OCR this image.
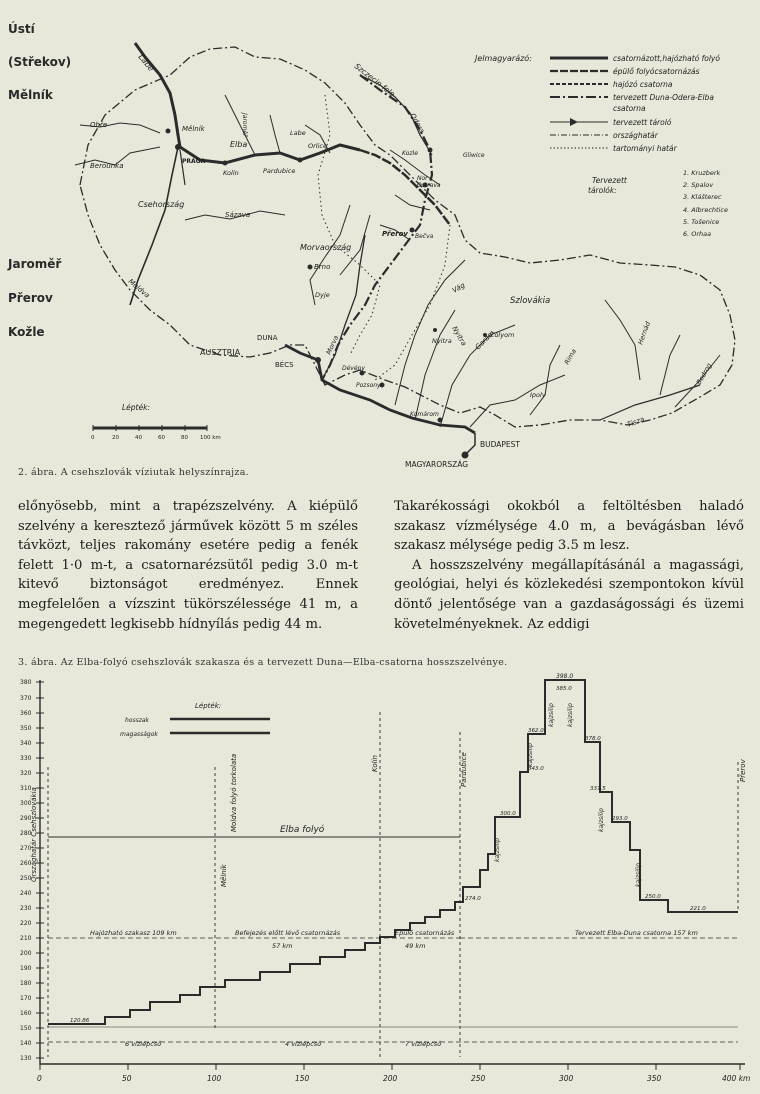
Ústí
(Střekov)
Mělník
Jaroměř
Přerov
Kožle
Labe
Ohře
Berounka
Mělník
PRAGA
Elba
Kolín	Pardubice
Jaroměř
Orlice
Labe
Szczecin fele
Odera
Kozle	Gliwice
Nor
Ostrava
Csehország
Sázava
Moldva
Morvaország
Brno
Přerov Bečva
Szlovákia
Vág
Nyitra
Nyitra	Garam
Zólyom
Ipoly
Rima
Hernád
Bodrog
Tisza
Morva
Dyje
DUNA
AUSZTRIA
BÉCS	Dévény
Pozsony
Komárom
BUDAPEST
MAGYARORSZÁG
Jelmagyarázó:	csatornázott,hajózható folyó
épülő folyócsatornázás
hajózó csatorna
tervezett Duna-Odera-Elba
csatorna
tervezett tároló
országhatár
tartományi határ
Tervezett
tárolók:
1. Kruzberk
2. Spalov
3. Klášterec
4. Albrechtice
5. Tošenice
6. Orhaa
Lépték:
0	20	40	60	80 100 km
2. ábra. A csehszlovák víziutak helyszínrajza.

előnyösebb, mint a trapézszelvény. A kiépülő szelvény a keresztező járművek között 5 m széles távközt, teljes rakomány esetére pedig a fenék felett 1·0 m-t, a csatornarézsütől pedig 3.0 m-t kitevő biztonságot eredményez. Ennek megfelelően a vízszint tükörszélessége 41 m, a megengedett legkisebb hídnyílás pedig 44 m.

Takarékossági okokból a feltöltésben haladó szakasz vízmélysége 4.0 m, a bevágásban lévő szakasz mélysége pedig 3.5 m lesz.

A hosszszelvény megállapításánál a magassági, geológiai, helyi és közlekedési szempontokon kívül döntő jelentősége van a gazdaságossági és üzemi követelményeknek. Az eddigi

3. ábra. Az Elba-folyó csehszlovák szakasza és a tervezett Duna—Elba-csatorna hosszszelvénye.
380
370
360
350
340
330
320
310
300
290
280
270
260
250
240
230
220
210
200
190
180
170
160
150
140
130
0	50	100	150	200	250	300	350	400 km
Lépték:
hosszak
magasságok
Országhatár Csehszlovákia	Moldva folyó torkolata
Mělník
Kolín	Pardubice	Přerov
Elba folyó
Hajózható szakasz 109 km	Befejezés előtt lévő csatornázás
57 km
Épülő csatornázás
49 km
Tervezett Elba-Duna csatorna 157 km
6 vízlépcső	4 vízlépcső	7 vízlépcső
398.0
kajzsilip
kajzsilip
kajzsilip kajzsilip
kajzsilip
kajzsilip
120.86
274.0
300.0
343.0
362.0
385.0
378.0
337.5
293.0
250.0
221.0
